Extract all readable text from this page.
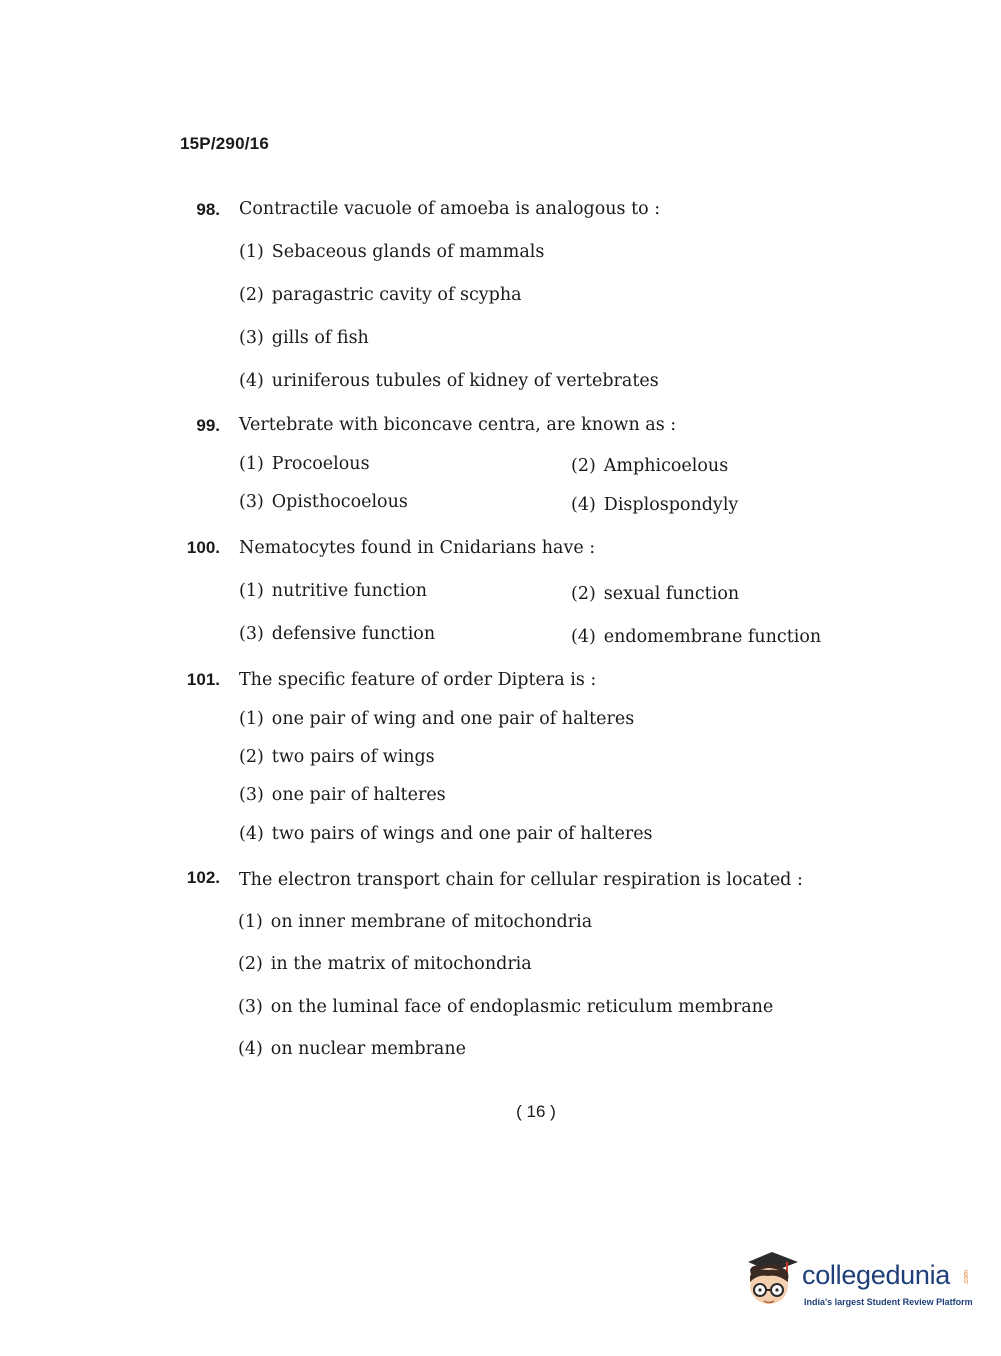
15P/290/16
98. Contractile vacuole of amoeba is analogous to :
(1) Sebaceous glands of mammals
(2) paragastric cavity of scypha
(3) gills of fish
(4) uriniferous tubules of kidney of vertebrates
99. Vertebrate with biconcave centra, are known as :
(1) Procoelous	(2) Amphicoelous
(3) Opisthocoelous	(4) Displospondyly
100. Nematocytes found in Cnidarians have :
(1) nutritive function	(2) sexual function
(3) defensive function	(4) endomembrane function
101. The specific feature of order Diptera is :
(1) one pair of wing and one pair of halteres
(2) two pairs of wings
(3) one pair of halteres
(4) two pairs of wings and one pair of halteres
102. The electron transport chain for cellular respiration is located :
(1) on inner membrane of mitochondria
(2) in the matrix of mitochondria
(3) on the luminal face of endoplasmic reticulum membrane
(4) on nuclear membrane
( 16 )
collegedunia .com
India's largest Student Review Platform
